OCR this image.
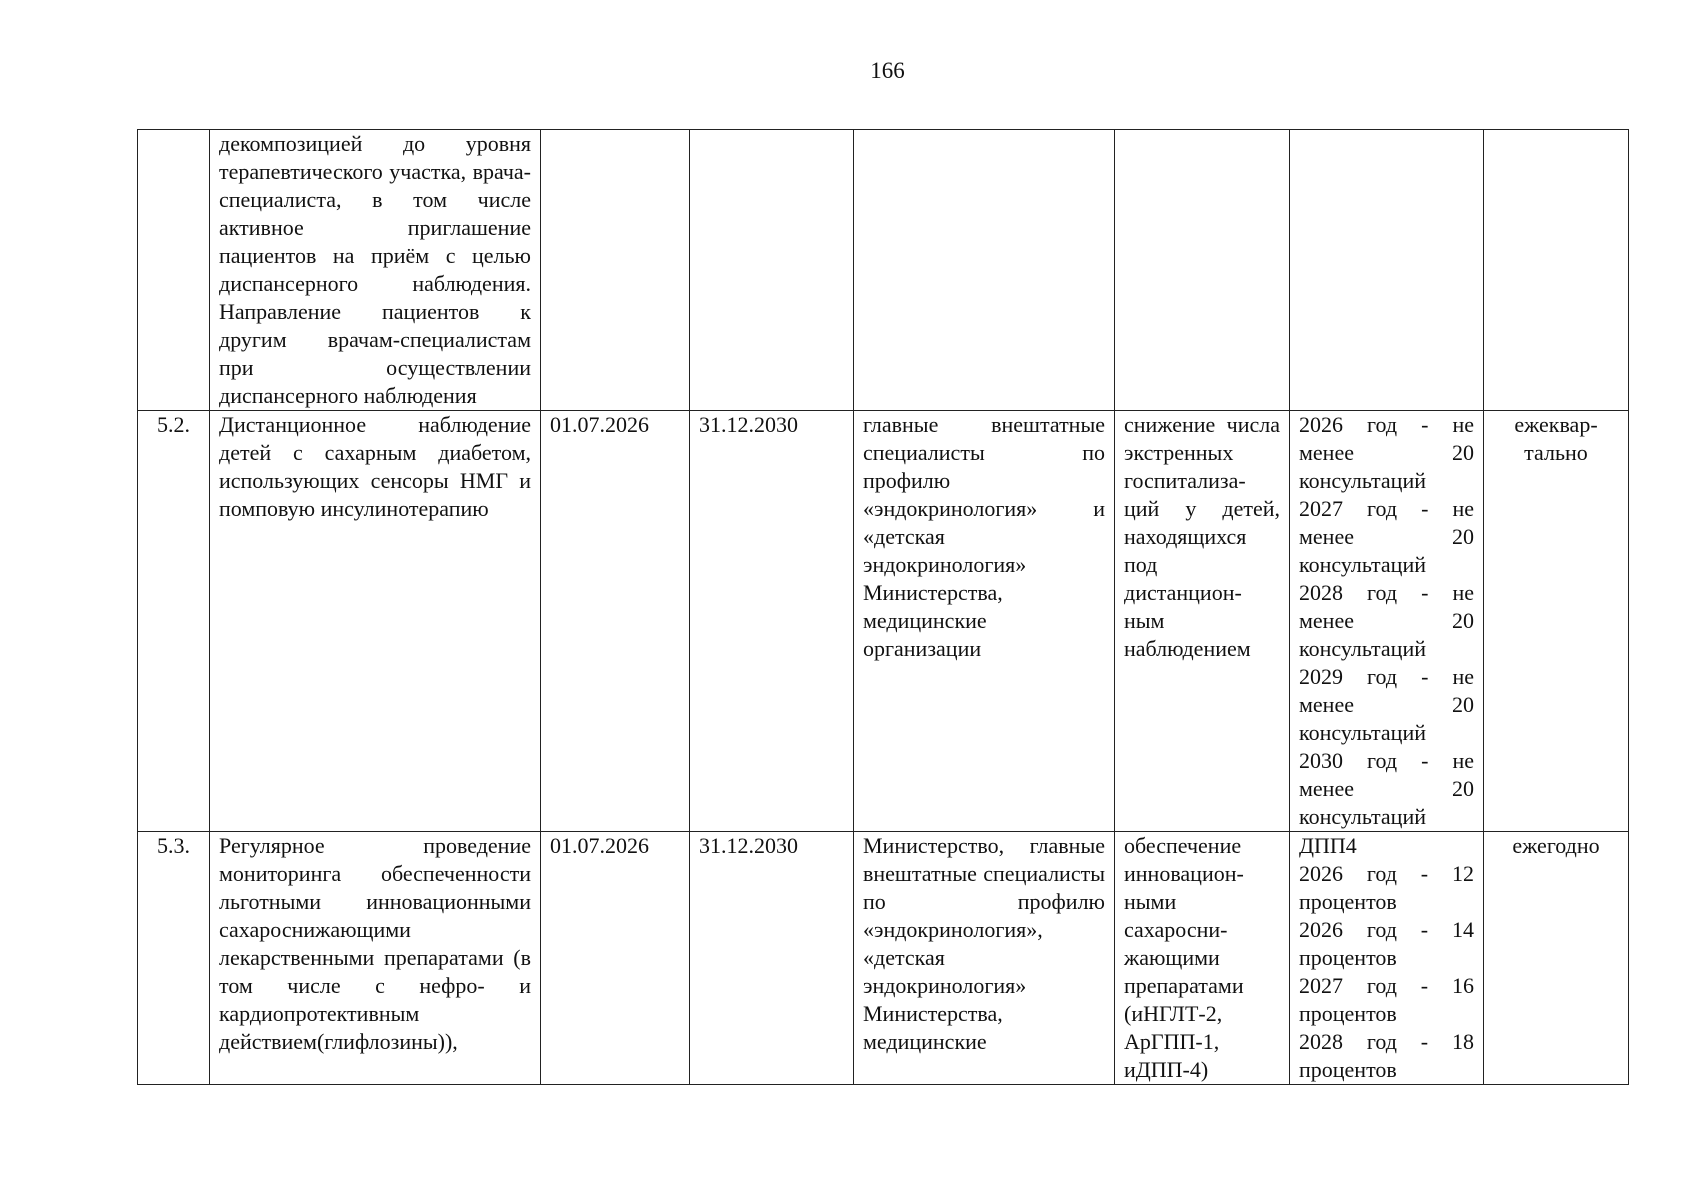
166
	декомпозицией до уровня терапевтического участка, врача-специалиста, в том числе активное приглашение пациентов на приём с целью диспансерного наблюдения. Направление пациентов к другим врачам-специалистам при осуществлении диспансерного наблюдения						
5.2.	Дистанционное наблюдение детей с сахарным диабетом, использующих сенсоры НМГ и помповую инсулинотерапию	01.07.2026	31.12.2030	главные внештатные специалисты по профилю «эндокринология» и «детская эндокринология» Министерства, медицинские организации	снижение числа экстренных госпитализа-ций у детей, находящихся под дистанцион-ным наблюдением	2026 год - не менее 20 консультаций
2027 год - не менее 20 консультаций
2028 год - не менее 20 консультаций
2029 год - не менее 20 консультаций
2030 год - не менее 20 консультаций	ежеквар-тально
5.3.	Регулярное проведение мониторинга обеспеченности льготными инновационными сахароснижающими лекарственными препаратами (в том числе с нефро- и кардиопротективным действием(глифлозины)),	01.07.2026	31.12.2030	Министерство, главные внештатные специалисты по профилю «эндокринология», «детская эндокринология» Министерства, медицинские	обеспечение инновацион-ными сахаросни-жающими препаратами (иНГЛТ-2, АрГПП-1, иДПП-4)	ДПП4
2026 год - 12 процентов
2026 год - 14 процентов
2027 год - 16 процентов
2028 год - 18 процентов	ежегодно
